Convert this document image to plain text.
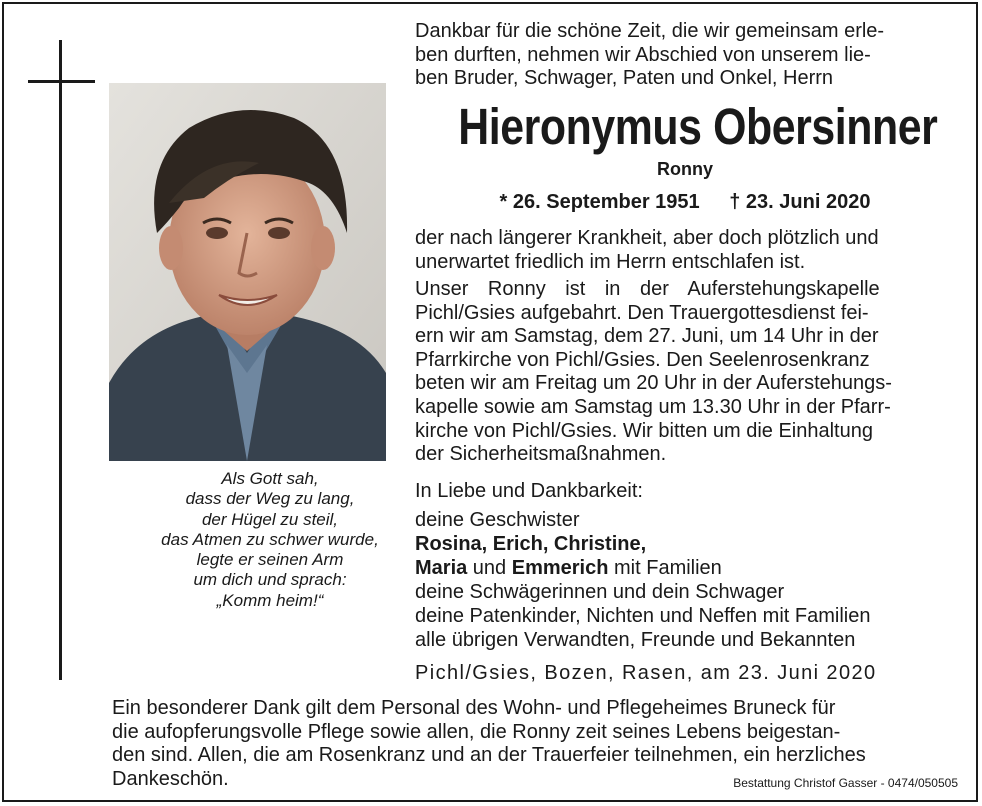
Als Gott sah,
dass der Weg zu lang,
der Hügel zu steil,
das Atmen zu schwer wurde,
legte er seinen Arm
um dich und sprach:
„Komm heim!“
Dankbar für die schöne Zeit, die wir gemeinsam erle-
ben durften, nehmen wir Abschied von unserem lie-
ben Bruder, Schwager, Paten und Onkel, Herrn
Hieronymus Obersinner
Ronny
* 26. September 1951 † 23. Juni 2020
der nach längerer Krankheit, aber doch plötzlich und
unerwartet friedlich im Herrn entschlafen ist.
Unser Ronny ist in der Auferstehungskapelle
Pichl/Gsies aufgebahrt. Den Trauergottesdienst fei-
ern wir am Samstag, dem 27. Juni, um 14 Uhr in der
Pfarrkirche von Pichl/Gsies. Den Seelenrosenkranz
beten wir am Freitag um 20 Uhr in der Auferstehungs-
kapelle sowie am Samstag um 13.30 Uhr in der Pfarr-
kirche von Pichl/Gsies. Wir bitten um die Einhaltung
der Sicherheitsmaßnahmen.
In Liebe und Dankbarkeit:
deine Geschwister
Rosina, Erich, Christine,
Maria und Emmerich mit Familien
deine Schwägerinnen und dein Schwager
deine Patenkinder, Nichten und Neffen mit Familien
alle übrigen Verwandten, Freunde und Bekannten
Pichl/Gsies, Bozen, Rasen, am 23. Juni 2020
Ein besonderer Dank gilt dem Personal des Wohn- und Pflegeheimes Bruneck für
die aufopferungsvolle Pflege sowie allen, die Ronny zeit seines Lebens beigestan-
den sind. Allen, die am Rosenkranz und an der Trauerfeier teilnehmen, ein herzliches
Dankeschön.	Bestattung Christof Gasser - 0474/050505
